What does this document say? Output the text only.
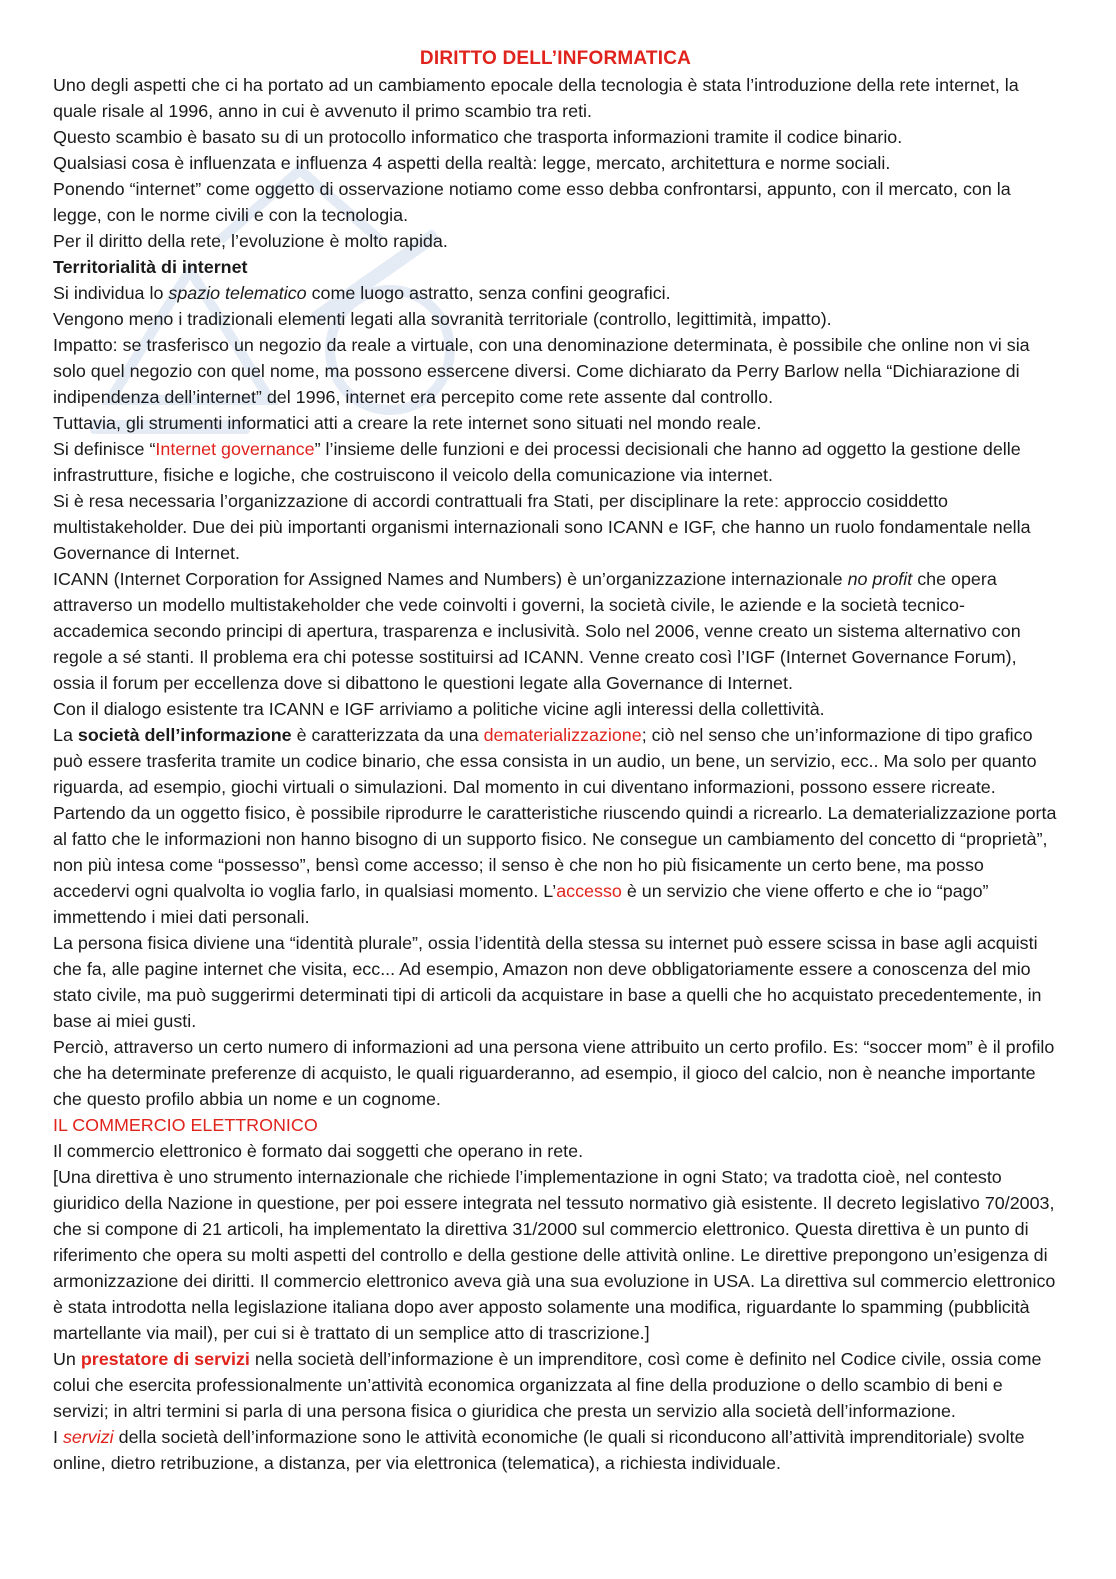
DIRITTO DELL’INFORMATICA

Uno degli aspetti che ci ha portato ad un cambiamento epocale della tecnologia è stata l’introduzione della rete internet, la quale risale al 1996, anno in cui è avvenuto il primo scambio tra reti.

Questo scambio è basato su di un protocollo informatico che trasporta informazioni tramite il codice binario.

Qualsiasi cosa è influenzata e influenza 4 aspetti della realtà: legge, mercato, architettura e norme sociali.

Ponendo “internet” come oggetto di osservazione notiamo come esso debba confrontarsi, appunto, con il mercato, con la legge, con le norme civili e con la tecnologia.

Per il diritto della rete, l’evoluzione è molto rapida.

Territorialità di internet

Si individua lo spazio telematico come luogo astratto, senza confini geografici.

Vengono meno i tradizionali elementi legati alla sovranità territoriale (controllo, legittimità, impatto).

Impatto: se trasferisco un negozio da reale a virtuale, con una denominazione determinata, è possibile che online non vi sia solo quel negozio con quel nome, ma possono essercene diversi. Come dichiarato da Perry Barlow nella “Dichiarazione di indipendenza dell’internet” del 1996, internet era percepito come rete assente dal controllo.

Tuttavia, gli strumenti informatici atti a creare la rete internet sono situati nel mondo reale.

Si definisce “Internet governance” l’insieme delle funzioni e dei processi decisionali che hanno ad oggetto la gestione delle infrastrutture, fisiche e logiche, che costruiscono il veicolo della comunicazione via internet.

Si è resa necessaria l’organizzazione di accordi contrattuali fra Stati, per disciplinare la rete: approccio cosiddetto multistakeholder. Due dei più importanti organismi internazionali sono ICANN e IGF, che hanno un ruolo fondamentale nella Governance di Internet.

ICANN (Internet Corporation for Assigned Names and Numbers) è un’organizzazione internazionale no profit che opera attraverso un modello multistakeholder che vede coinvolti i governi, la società civile, le aziende e la società tecnico-accademica secondo principi di apertura, trasparenza e inclusività. Solo nel 2006, venne creato un sistema alternativo con regole a sé stanti. Il problema era chi potesse sostituirsi ad ICANN. Venne creato così l’IGF (Internet Governance Forum), ossia il forum per eccellenza dove si dibattono le questioni legate alla Governance di Internet.

Con il dialogo esistente tra ICANN e IGF arriviamo a politiche vicine agli interessi della collettività.

La società dell’informazione è caratterizzata da una dematerializzazione; ciò nel senso che un’informazione di tipo grafico può essere trasferita tramite un codice binario, che essa consista in un audio, un bene, un servizio, ecc.. Ma solo per quanto riguarda, ad esempio, giochi virtuali o simulazioni. Dal momento in cui diventano informazioni, possono essere ricreate. Partendo da un oggetto fisico, è possibile riprodurre le caratteristiche riuscendo quindi a ricrearlo. La dematerializzazione porta al fatto che le informazioni non hanno bisogno di un supporto fisico. Ne consegue un cambiamento del concetto di “proprietà”, non più intesa come “possesso”, bensì come accesso; il senso è che non ho più fisicamente un certo bene, ma posso accedervi ogni qualvolta io voglia farlo, in qualsiasi momento. L’accesso è un servizio che viene offerto e che io “pago” immettendo i miei dati personali.

La persona fisica diviene una “identità plurale”, ossia l’identità della stessa su internet può essere scissa in base agli acquisti che fa, alle pagine internet che visita, ecc... Ad esempio, Amazon non deve obbligatoriamente essere a conoscenza del mio stato civile, ma può suggerirmi determinati tipi di articoli da acquistare in base a quelli che ho acquistato precedentemente, in base ai miei gusti.

Perciò, attraverso un certo numero di informazioni ad una persona viene attribuito un certo profilo. Es: “soccer mom” è il profilo che ha determinate preferenze di acquisto, le quali riguarderanno, ad esempio, il gioco del calcio, non è neanche importante che questo profilo abbia un nome e un cognome.

IL COMMERCIO ELETTRONICO

Il commercio elettronico è formato dai soggetti che operano in rete.

[Una direttiva è uno strumento internazionale che richiede l’implementazione in ogni Stato; va tradotta cioè, nel contesto giuridico della Nazione in questione, per poi essere integrata nel tessuto normativo già esistente. Il decreto legislativo 70/2003, che si compone di 21 articoli, ha implementato la direttiva 31/2000 sul commercio elettronico. Questa direttiva è un punto di riferimento che opera su molti aspetti del controllo e della gestione delle attività online. Le direttive prepongono un’esigenza di armonizzazione dei diritti. Il commercio elettronico aveva già una sua evoluzione in USA. La direttiva sul commercio elettronico è stata introdotta nella legislazione italiana dopo aver apposto solamente una modifica, riguardante lo spamming (pubblicità martellante via mail), per cui si è trattato di un semplice atto di trascrizione.]

Un prestatore di servizi nella società dell’informazione è un imprenditore, così come è definito nel Codice civile, ossia come colui che esercita professionalmente un’attività economica organizzata al fine della produzione o dello scambio di beni e servizi; in altri termini si parla di una persona fisica o giuridica che presta un servizio alla società dell’informazione.

I servizi della società dell’informazione sono le attività economiche (le quali si riconducono all’attività imprenditoriale) svolte online, dietro retribuzione, a distanza, per via elettronica (telematica), a richiesta individuale.
